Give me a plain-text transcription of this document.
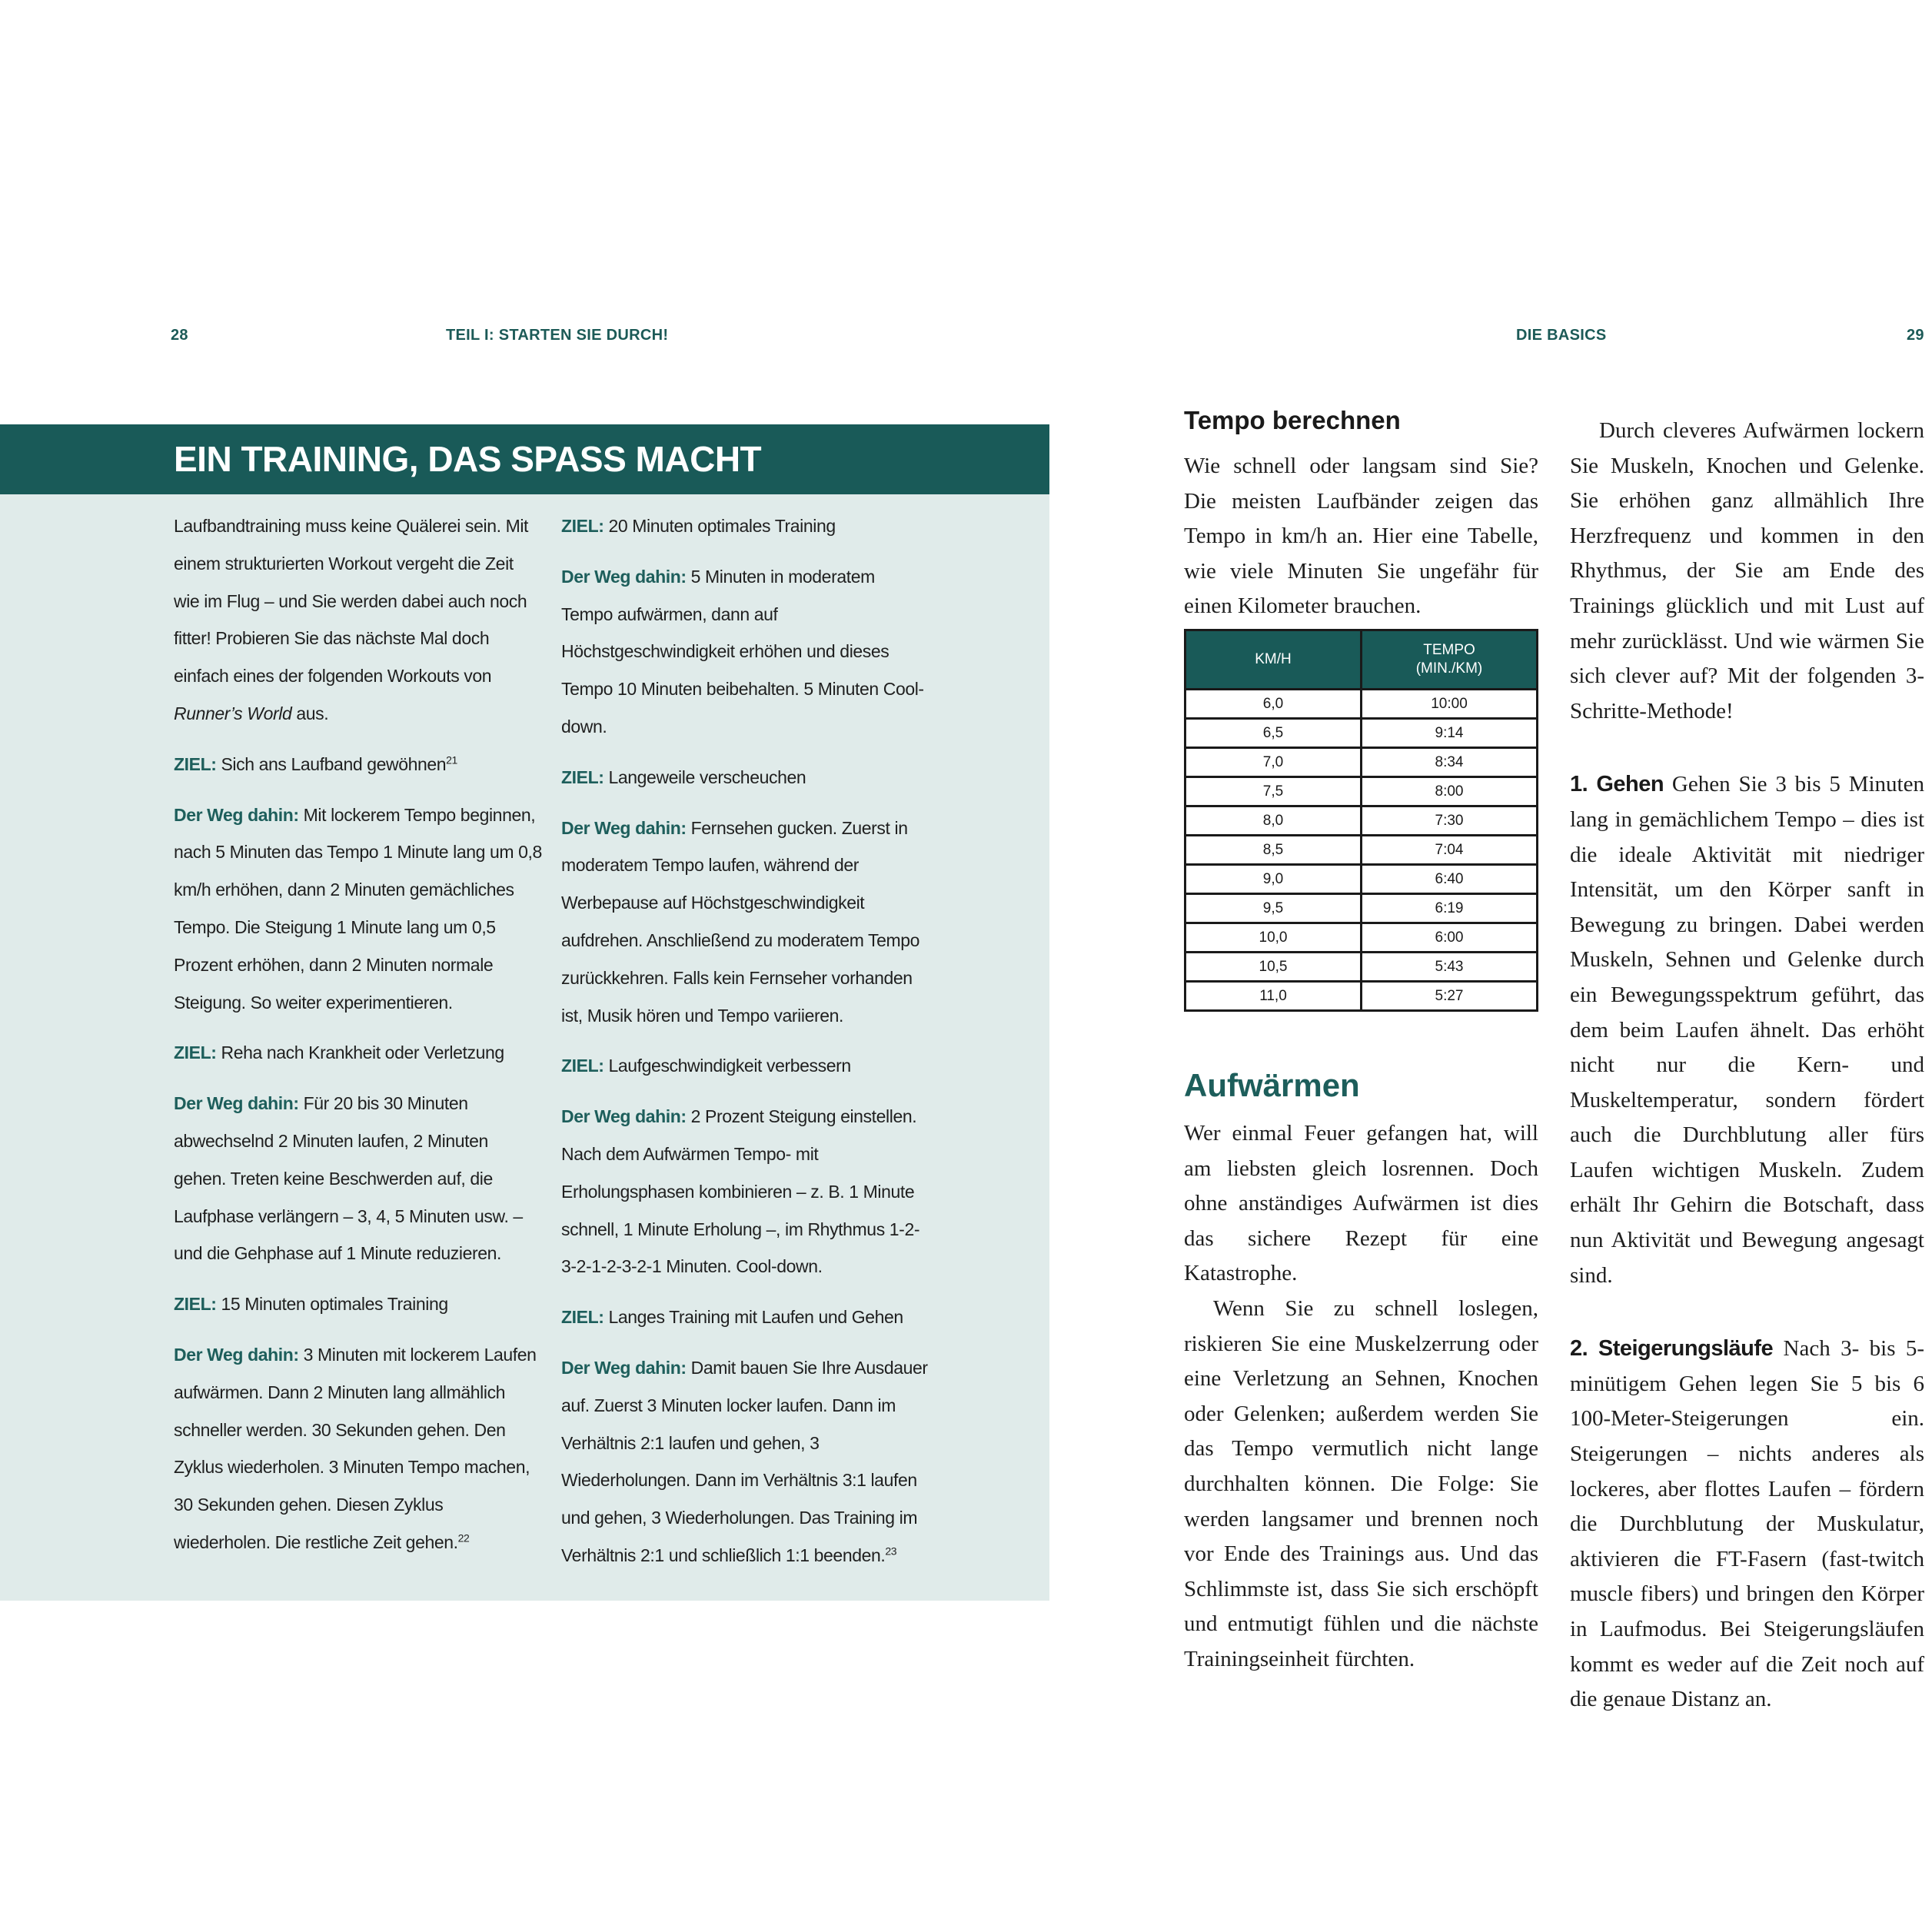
28	TEIL I: STARTEN SIE DURCH!	DIE BASICS	29
EIN TRAINING, DAS SPASS MACHT

Laufbandtraining muss keine Quälerei sein. Mit einem strukturierten Workout vergeht die Zeit wie im Flug – und Sie werden dabei auch noch fitter! Probieren Sie das nächste Mal doch einfach eines der folgenden Workouts von Runner’s World aus.

ZIEL: Sich ans Laufband gewöhnen$^{21}$

Der Weg dahin: Mit lockerem Tempo beginnen, nach 5 Minuten das Tempo 1 Minute lang um 0,8 km/h erhöhen, dann 2 Minuten gemächliches Tempo. Die Steigung 1 Minute lang um 0,5 Prozent erhöhen, dann 2 Minuten normale Steigung. So weiter experimentieren.

ZIEL: Reha nach Krankheit oder Verletzung

Der Weg dahin: Für 20 bis 30 Minuten abwechselnd 2 Minuten laufen, 2 Minuten gehen. Treten keine Beschwerden auf, die Laufphase verlängern – 3, 4, 5 Minuten usw. – und die Gehphase auf 1 Minute reduzieren.

ZIEL: 15 Minuten optimales Training

Der Weg dahin: 3 Minuten mit lockerem Laufen aufwärmen. Dann 2 Minuten lang allmählich schneller werden. 30 Sekunden gehen. Den Zyklus wiederholen. 3 Minuten Tempo machen, 30 Sekunden gehen. Diesen Zyklus wiederholen. Die restliche Zeit gehen.$^{22}$

ZIEL: 20 Minuten optimales Training

Der Weg dahin: 5 Minuten in moderatem Tempo aufwärmen, dann auf Höchstgeschwindigkeit erhöhen und dieses Tempo 10 Minuten beibehalten. 5 Minuten Cool-down.

ZIEL: Langeweile verscheuchen

Der Weg dahin: Fernsehen gucken. Zuerst in moderatem Tempo laufen, während der Werbepause auf Höchstgeschwindigkeit aufdrehen. Anschließend zu moderatem Tempo zurückkehren. Falls kein Fernseher vorhanden ist, Musik hören und Tempo variieren.

ZIEL: Laufgeschwindigkeit verbessern

Der Weg dahin: 2 Prozent Steigung einstellen. Nach dem Aufwärmen Tempo- mit Erholungsphasen kombinieren – z. B. 1 Minute schnell, 1 Minute Erholung –, im Rhythmus 1-2-3-2-1-2-3-2-1 Minuten. Cool-down.

ZIEL: Langes Training mit Laufen und Gehen

Der Weg dahin: Damit bauen Sie Ihre Ausdauer auf. Zuerst 3 Minuten locker laufen. Dann im Verhältnis 2:1 laufen und gehen, 3 Wiederholungen. Dann im Verhältnis 3:1 laufen und gehen, 3 Wiederholungen. Das Training im Verhältnis 2:1 und schließlich 1:1 beenden.$^{23}$

Tempo berechnen

Wie schnell oder langsam sind Sie? Die meisten Laufbänder zeigen das Tempo in km/h an. Hier eine Tabelle, wie viele Minuten Sie ungefähr für einen Kilometer brauchen.

KM/H	TEMPO
(MIN./KM)
6,0	10:00
6,5	9:14
7,0	8:34
7,5	8:00
8,0	7:30
8,5	7:04
9,0	6:40
9,5	6:19
10,0	6:00
10,5	5:43
11,0	5:27
Aufwärmen

Wer einmal Feuer gefangen hat, will am liebsten gleich losrennen. Doch ohne anständiges Aufwärmen ist dies das sichere Rezept für eine Katastrophe.

Wenn Sie zu schnell loslegen, riskieren Sie eine Muskelzerrung oder eine Verletzung an Sehnen, Knochen oder Gelenken; außerdem werden Sie das Tempo vermutlich nicht lange durchhalten können. Die Folge: Sie werden langsamer und brennen noch vor Ende des Trainings aus. Und das Schlimmste ist, dass Sie sich erschöpft und entmutigt fühlen und die nächste Trainingseinheit fürchten.

Durch cleveres Aufwärmen lockern Sie Muskeln, Knochen und Gelenke. Sie erhöhen ganz allmählich Ihre Herzfrequenz und kommen in den Rhythmus, der Sie am Ende des Trainings glücklich und mit Lust auf mehr zurücklässt. Und wie wärmen Sie sich clever auf? Mit der folgenden 3-Schritte-Methode!

1. Gehen Gehen Sie 3 bis 5 Minuten lang in gemächlichem Tempo – dies ist die ideale Aktivität mit niedriger Intensität, um den Körper sanft in Bewegung zu bringen. Dabei werden Muskeln, Sehnen und Gelenke durch ein Bewegungsspektrum geführt, das dem beim Laufen ähnelt. Das erhöht nicht nur die Kern- und Muskeltemperatur, sondern fördert auch die Durchblutung aller fürs Laufen wichtigen Muskeln. Zudem erhält Ihr Gehirn die Botschaft, dass nun Aktivität und Bewegung angesagt sind.

2. Steigerungsläufe Nach 3- bis 5-minütigem Gehen legen Sie 5 bis 6 100-Meter-Steigerungen ein. Steigerungen – nichts anderes als lockeres, aber flottes Laufen – fördern die Durchblutung der Muskulatur, aktivieren die FT-Fasern (fast-twitch muscle fibers) und bringen den Körper in Laufmodus. Bei Steigerungsläufen kommt es weder auf die Zeit noch auf die genaue Distanz an.
